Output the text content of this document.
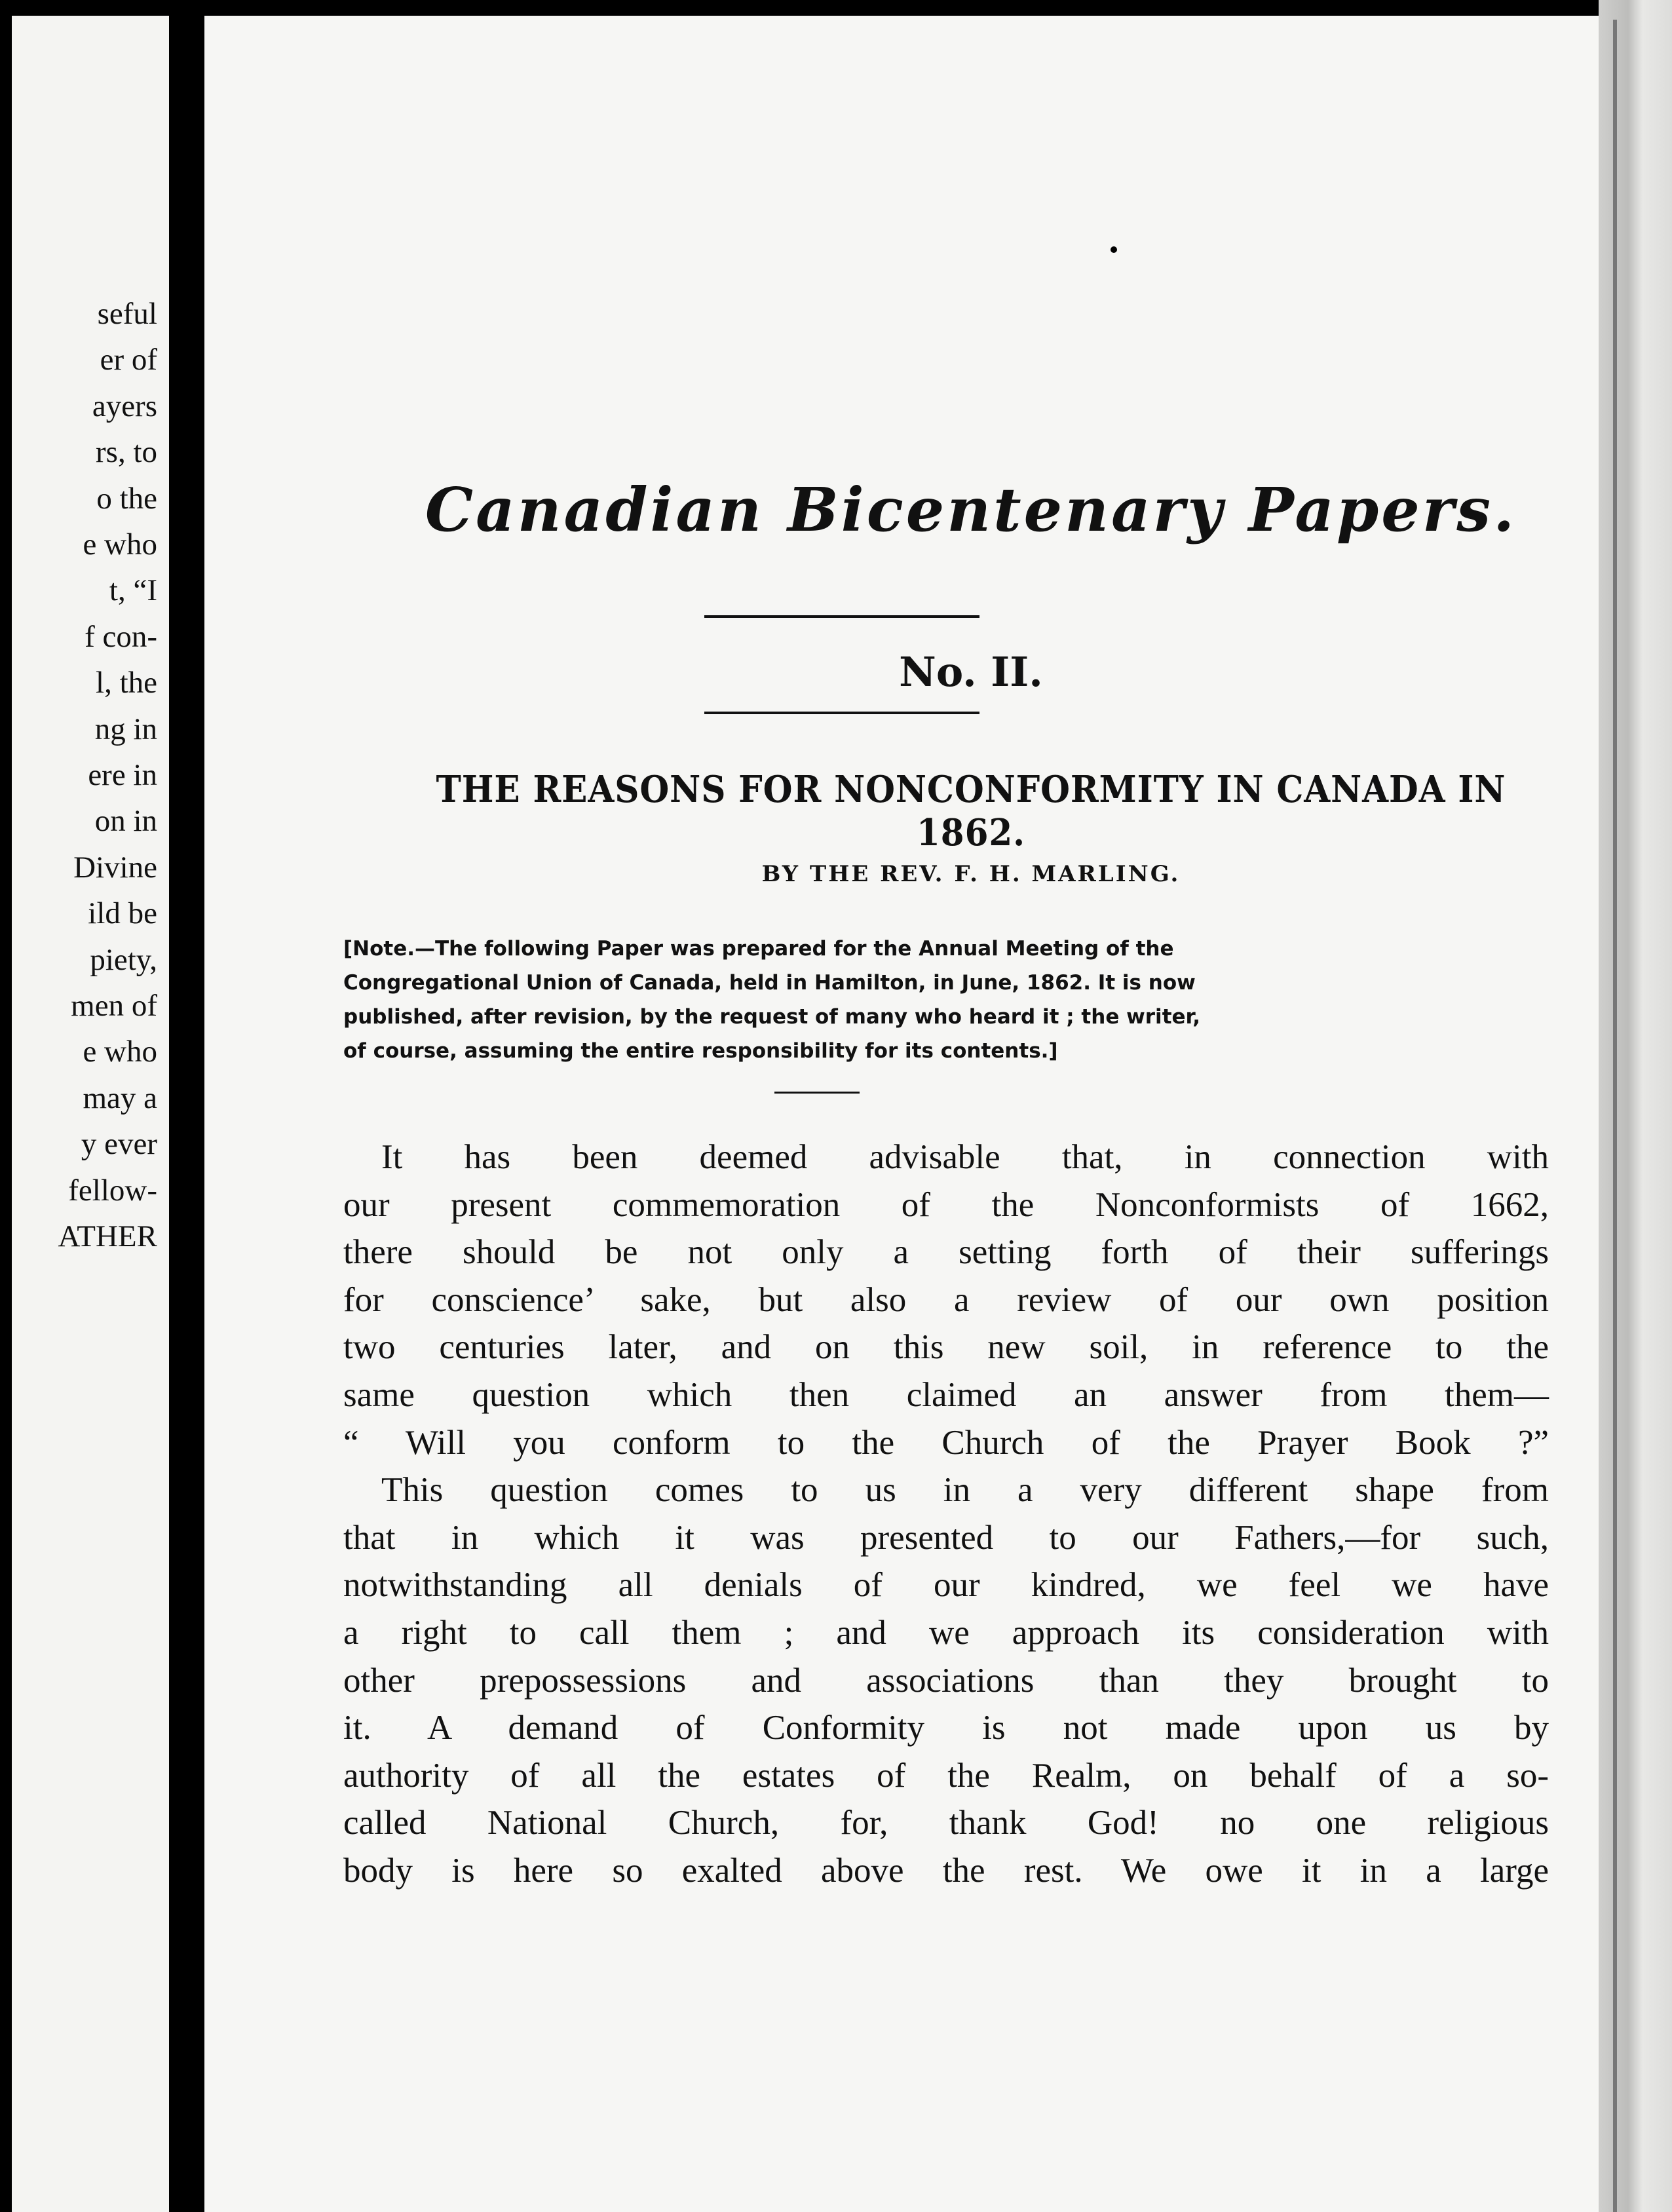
seful
er of
ayers
rs, to
o the
e who
t, “I
f con-
l, the
ng in
ere in
on in
Divine
ild be
piety,
men of
e who
may a
y ever
fellow-
ATHER
Canadian Bicentenary Papers.
No. II.
THE REASONS FOR NONCONFORMITY IN CANADA IN 1862.
BY THE REV. F. H. MARLING.
[Note.—The following Paper was prepared for the Annual Meeting of the
Congregational Union of Canada, held in Hamilton, in June, 1862. It is now
published, after revision, by the request of many who heard it ; the writer,
of course, assuming the entire responsibility for its contents.]
It has been deemed advisable that, in connection with
our present commemoration of the Nonconformists of 1662,
there should be not only a setting forth of their sufferings
for conscience’ sake, but also a review of our own position
two centuries later, and on this new soil, in reference to the
same question which then claimed an answer from them—
“ Will you conform to the Church of the Prayer Book ?”
This question comes to us in a very different shape from
that in which it was presented to our Fathers,—for such,
notwithstanding all denials of our kindred, we feel we have
a right to call them ; and we approach its consideration with
other prepossessions and associations than they brought to
it. A demand of Conformity is not made upon us by
authority of all the estates of the Realm, on behalf of a so-
called National Church, for, thank God! no one religious
body is here so exalted above the rest. We owe it in a large
